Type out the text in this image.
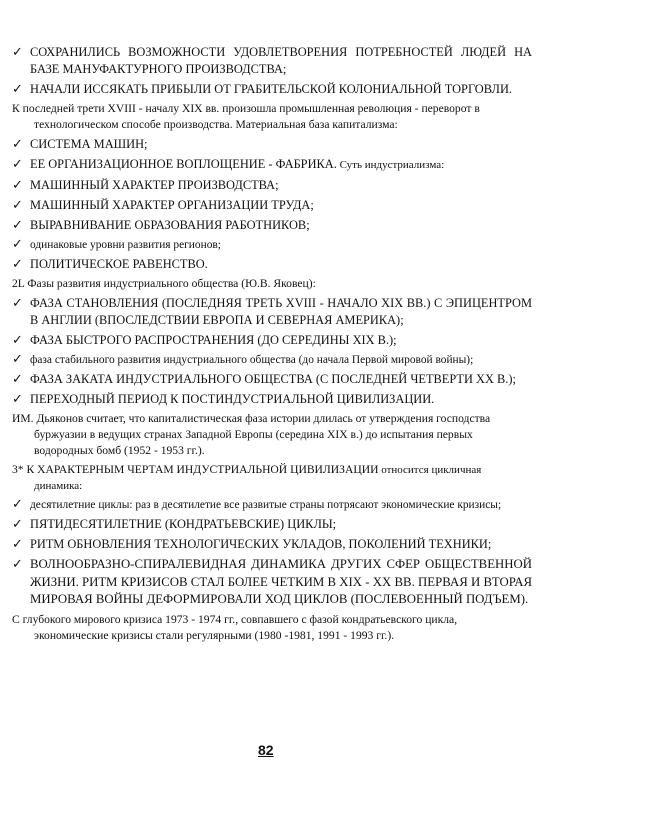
✓ СОХРАНИЛИСЬ ВОЗМОЖНОСТИ УДОВЛЕТВОРЕНИЯ ПОТРЕБНОСТЕЙ ЛЮДЕЙ НА БАЗЕ МАНУФАКТУРНОГО ПРОИЗВОДСТВА;
✓ НАЧАЛИ ИССЯКАТЬ ПРИБЫЛИ ОТ ГРАБИТЕЛЬСКОЙ КОЛОНИАЛЬНОЙ ТОРГОВЛИ.
К последней трети XVIII - началу XIX вв. произошла промышленная революция - переворот в технологическом способе производства. Материальная база капитализма:
✓ СИСТЕМА МАШИН;
✓ ЕЕ ОРГАНИЗАЦИОННОЕ ВОПЛОЩЕНИЕ - ФАБРИКА. Суть индустриализма:
✓ МАШИННЫЙ ХАРАКТЕР ПРОИЗВОДСТВА;
✓ МАШИННЫЙ ХАРАКТЕР ОРГАНИЗАЦИИ ТРУДА;
✓ ВЫРАВНИВАНИЕ ОБРАЗОВАНИЯ РАБОТНИКОВ;
✓ одинаковые уровни развития регионов;
✓ ПОЛИТИЧЕСКОЕ РАВЕНСТВО.
2L Фазы развития индустриального общества (Ю.В. Яковец):
✓ ФАЗА СТАНОВЛЕНИЯ (ПОСЛЕДНЯЯ ТРЕТЬ XVIII - НАЧАЛО XIX ВВ.) С ЭПИЦЕНТРОМ В АНГЛИИ (ВПОСЛЕДСТВИИ ЕВРОПА И СЕВЕРНАЯ АМЕРИКА);
✓ ФАЗА БЫСТРОГО РАСПРОСТРАНЕНИЯ (ДО СЕРЕДИНЫ XIX В.);
✓ фаза стабильного развития индустриального общества (до начала Первой мировой войны);
✓ ФАЗА ЗАКАТА ИНДУСТРИАЛЬНОГО ОБЩЕСТВА (С ПОСЛЕДНЕЙ ЧЕТВЕРТИ XX В.);
✓ ПЕРЕХОДНЫЙ ПЕРИОД К ПОСТИНДУСТРИАЛЬНОЙ ЦИВИЛИЗАЦИИ.
ИМ. Дьяконов считает, что капиталистическая фаза истории длилась от утверждения господства буржуазии в ведущих странах Западной Европы (середина XIX в.) до испытания первых водородных бомб (1952 - 1953 гг.).
3* К ХАРАКТЕРНЫМ ЧЕРТАМ ИНДУСТРИАЛЬНОЙ ЦИВИЛИЗАЦИИ относится цикличная динамика:
✓ десятилетние циклы: раз в десятилетие все развитые страны потрясают экономические кризисы;
✓ ПЯТИДЕСЯТИЛЕТНИЕ (КОНДРАТЬЕВСКИЕ) ЦИКЛЫ;
✓ РИТМ ОБНОВЛЕНИЯ ТЕХНОЛОГИЧЕСКИХ УКЛАДОВ, ПОКОЛЕНИЙ ТЕХНИКИ;
✓ ВОЛНООБРАЗНО-СПИРАЛЕВИДНАЯ ДИНАМИКА ДРУГИХ СФЕР ОБЩЕСТВЕННОЙ ЖИЗНИ. РИТМ КРИЗИСОВ СТАЛ БОЛЕЕ ЧЕТКИМ В XIX - XX ВВ. ПЕРВАЯ И ВТОРАЯ МИРОВАЯ ВОЙНЫ ДЕФОРМИРОВАЛИ ХОД ЦИКЛОВ (ПОСЛЕВОЕННЫЙ ПОДЪЕМ).
С глубокого мирового кризиса 1973 - 1974 гг., совпавшего с фазой кондратьевского цикла, экономические кризисы стали регулярными (1980 -1981, 1991 - 1993 гг.).
82
